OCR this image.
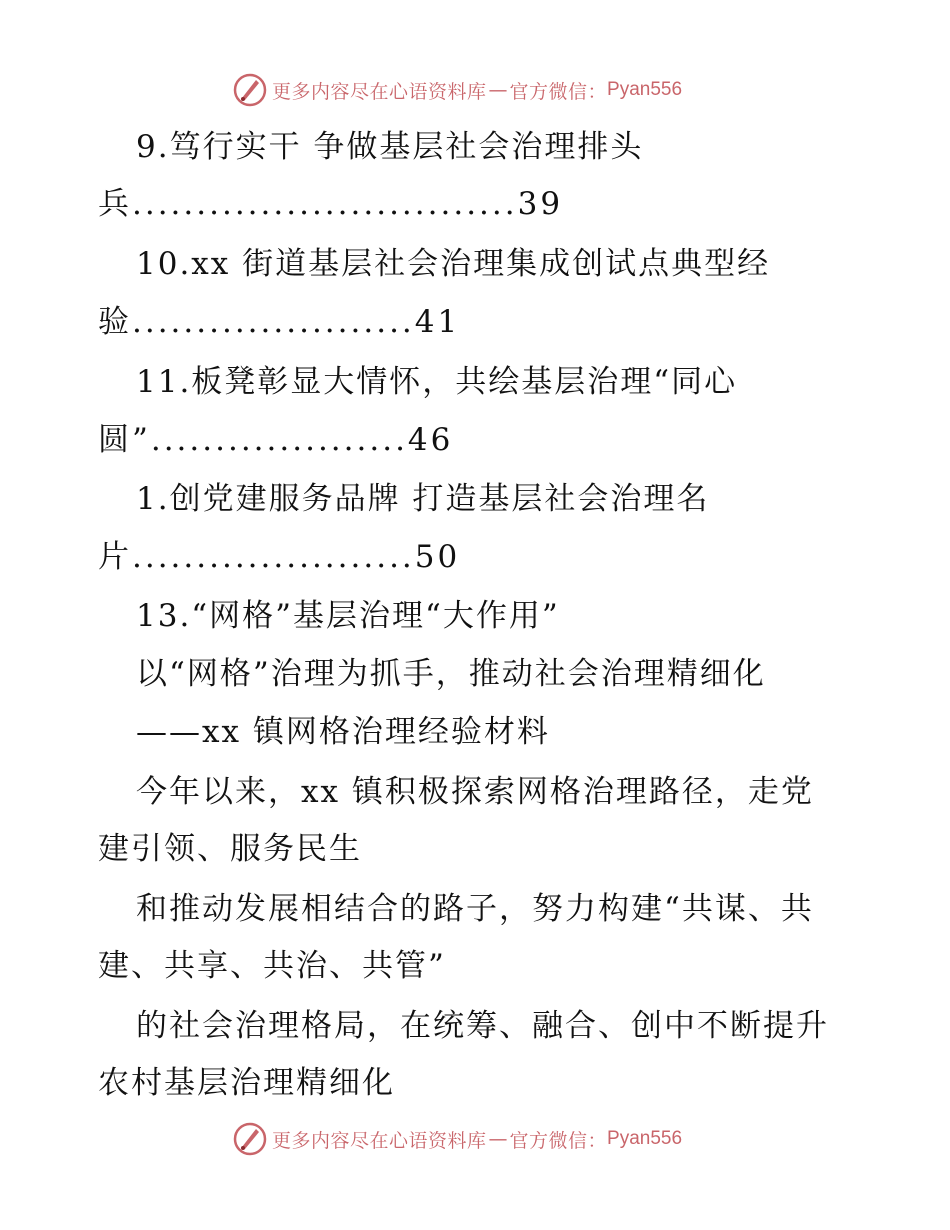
更多内容尽在心语资料库 — 官方微信： Pyan556
9.笃行实干 争做基层社会治理排头
兵..............................39
10.xx 街道基层社会治理集成创试点典型经
验......................41
11.板凳彰显大情怀，共绘基层治理“同心
圆”....................46
1.创党建服务品牌 打造基层社会治理名
片......................50
13.“网格”基层治理“大作用”
以“网格”治理为抓手，推动社会治理精细化
——xx 镇网格治理经验材料
今年以来，xx 镇积极探索网格治理路径，走党
建引领、服务民生
和推动发展相结合的路子，努力构建“共谋、共
建、共享、共治、共管”
的社会治理格局，在统筹、融合、创中不断提升
农村基层治理精细化
更多内容尽在心语资料库 — 官方微信： Pyan556
